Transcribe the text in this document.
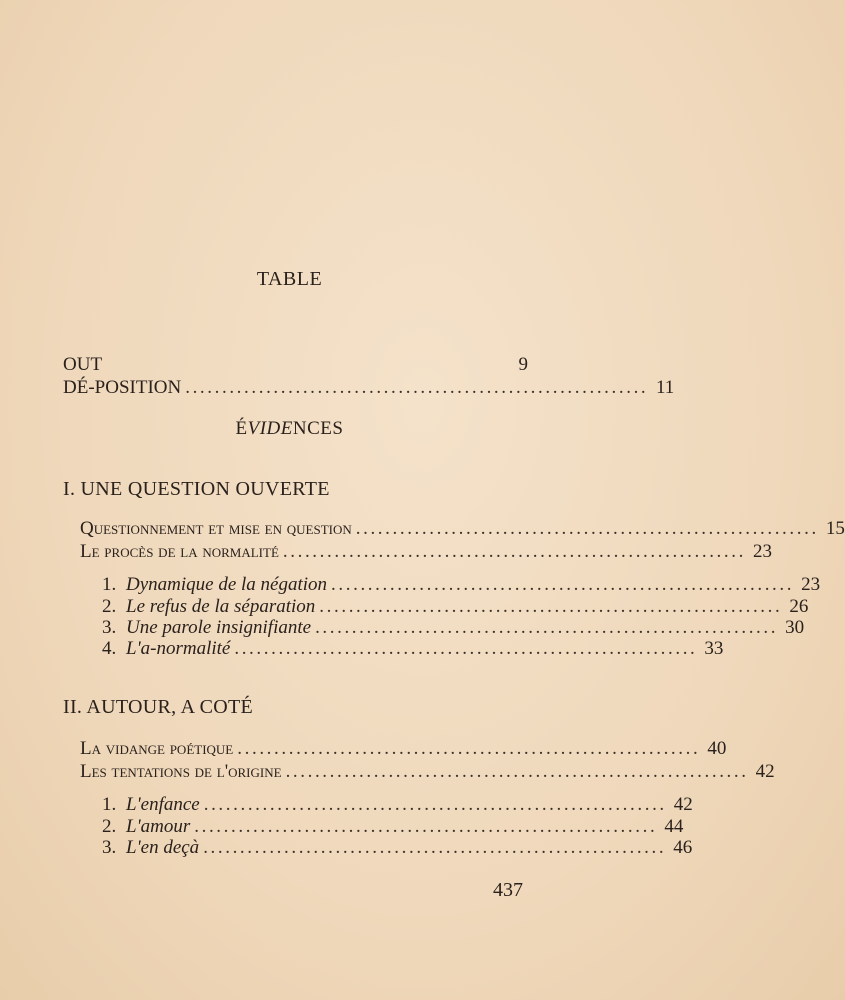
TABLE
OUT	9
DÉ-POSITION ............................................................... 11
ÉVIDENCES
I. UNE QUESTION OUVERTE
Questionnement et mise en question ............................................................... 15
Le procès de la normalité ............................................................... 23
1. Dynamique de la négation ............................................................... 23
2. Le refus de la séparation ............................................................... 26
3. Une parole insignifiante ............................................................... 30
4. L'a-normalité ............................................................... 33
II. AUTOUR, A COTÉ
La vidange poétique ............................................................... 40
Les tentations de l'origine ............................................................... 42
1. L'enfance ............................................................... 42
2. L'amour ............................................................... 44
3. L'en deçà ............................................................... 46
437
